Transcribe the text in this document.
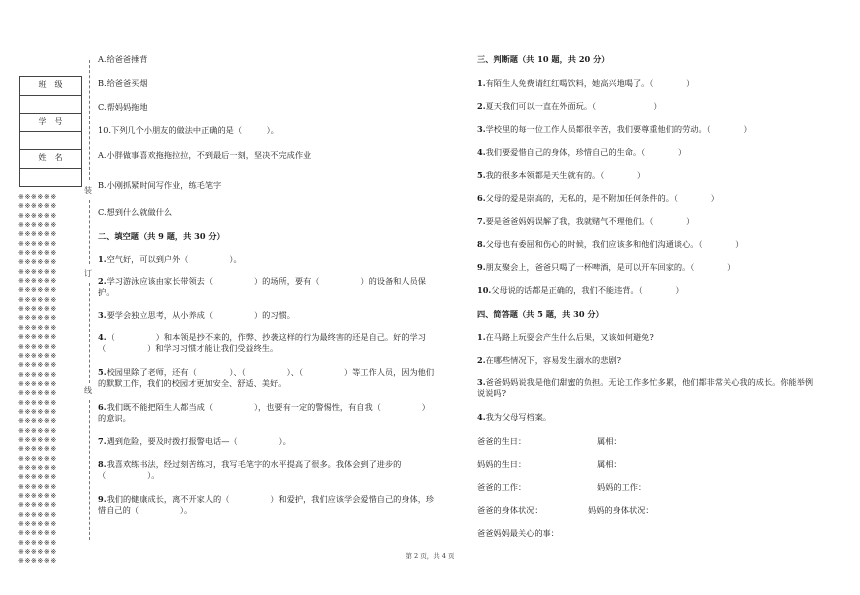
班　级

学　号

姓　名

※※※※※※
※※※※※※
※※※※※※
※※※※※※
※※※※※※
※※※※※※
※※※※※※
※※※※※※
※※※※※※
※※※※※※
※※※※※※
※※※※※※
※※※※※※
※※※※※※
※※※※※※
※※※※※※
※※※※※※
※※※※※※
※※※※※※
※※※※※※
※※※※※※
※※※※※※
※※※※※※
※※※※※※
※※※※※※
※※※※※※
※※※※※※
※※※※※※
※※※※※※
※※※※※※
※※※※※※
※※※※※※
※※※※※※
※※※※※※
※※※※※※
※※※※※※
※※※※※※
※※※※※※
※※※※※※
※※※※※※
装
订
线
A.给爸爸捶背
B.给爸爸买烟
C.帮妈妈拖地
10.下列几个小朋友的做法中正确的是（　　　）。
A.小胖做事喜欢拖拖拉拉，不到最后一刻，坚决不完成作业
B.小刚抓紧时间写作业，练毛笔字
C.想到什么就做什么
二、填空题（共 9 题，共 30 分）
1.空气好，可以到户外（　　　　　）。
2.学习游泳应该由家长带领去（　　　　　）的场所，要有（　　　　　）的设备和人员保护。
3.要学会独立思考，从小养成（　　　　　）的习惯。
4.（　　　　　）和本领是抄不来的，作弊、抄袭这样的行为最终害的还是自己。好的学习（　　　　　）和学习习惯才能让我们受益终生。
5.校园里除了老师，还有（　　　　）、（　　　　　）、（　　　　　）等工作人员，因为他们的默默工作，我们的校园才更加安全、舒适、美好。
6.我们既不能把陌生人都当成（　　　　　），也要有一定的警惕性，有自我（　　　　　）的意识。
7.遇到危险，要及时拨打报警电话—（　　　　　）。
8.我喜欢练书法，经过刻苦练习，我写毛笔字的水平提高了很多。我体会到了进步的（　　　　　）。
9.我们的健康成长，离不开家人的（　　　　　）和爱护，我们应该学会爱惜自己的身体，珍惜自己的（　　　　　）。
三、判断题（共 10 题，共 20 分）
1.有陌生人免费请红红喝饮料，她高兴地喝了。（　　　　）
2.夏天我们可以一直在外面玩。（　　　　　　　）
3.学校里的每一位工作人员都很辛苦，我们要尊重他们的劳动。（　　　　）
4.我们要爱惜自己的身体，珍惜自己的生命。（　　　　）
5.我的很多本领都是天生就有的。（　　　　）
6.父母的爱是崇高的，无私的，是不附加任何条件的。（　　　　）
7.要是爸爸妈妈误解了我，我就赌气不理他们。（　　　　）
8.父母也有委屈和伤心的时候，我们应该多和他们沟通谈心。（　　　　）
9.朋友聚会上，爸爸只喝了一杯啤酒，是可以开车回家的。（　　　　）
10.父母说的话都是正确的，我们不能违背。（　　　　）
四、简答题（共 5 题，共 30 分）
1.在马路上玩耍会产生什么后果，又该如何避免?
2.在哪些情况下，容易发生溺水的悲剧?
3.爸爸妈妈说我是他们甜蜜的负担。无论工作多忙多累，他们都非常关心我的成长。你能举例说说吗?
4.我为父母写档案。
爸爸的生日：	属相：
妈妈的生日：	属相：
爸爸的工作：	妈妈的工作：
爸爸的身体状况：	妈妈的身体状况：
爸爸妈妈最关心的事：
第 2 页，共 4 页
